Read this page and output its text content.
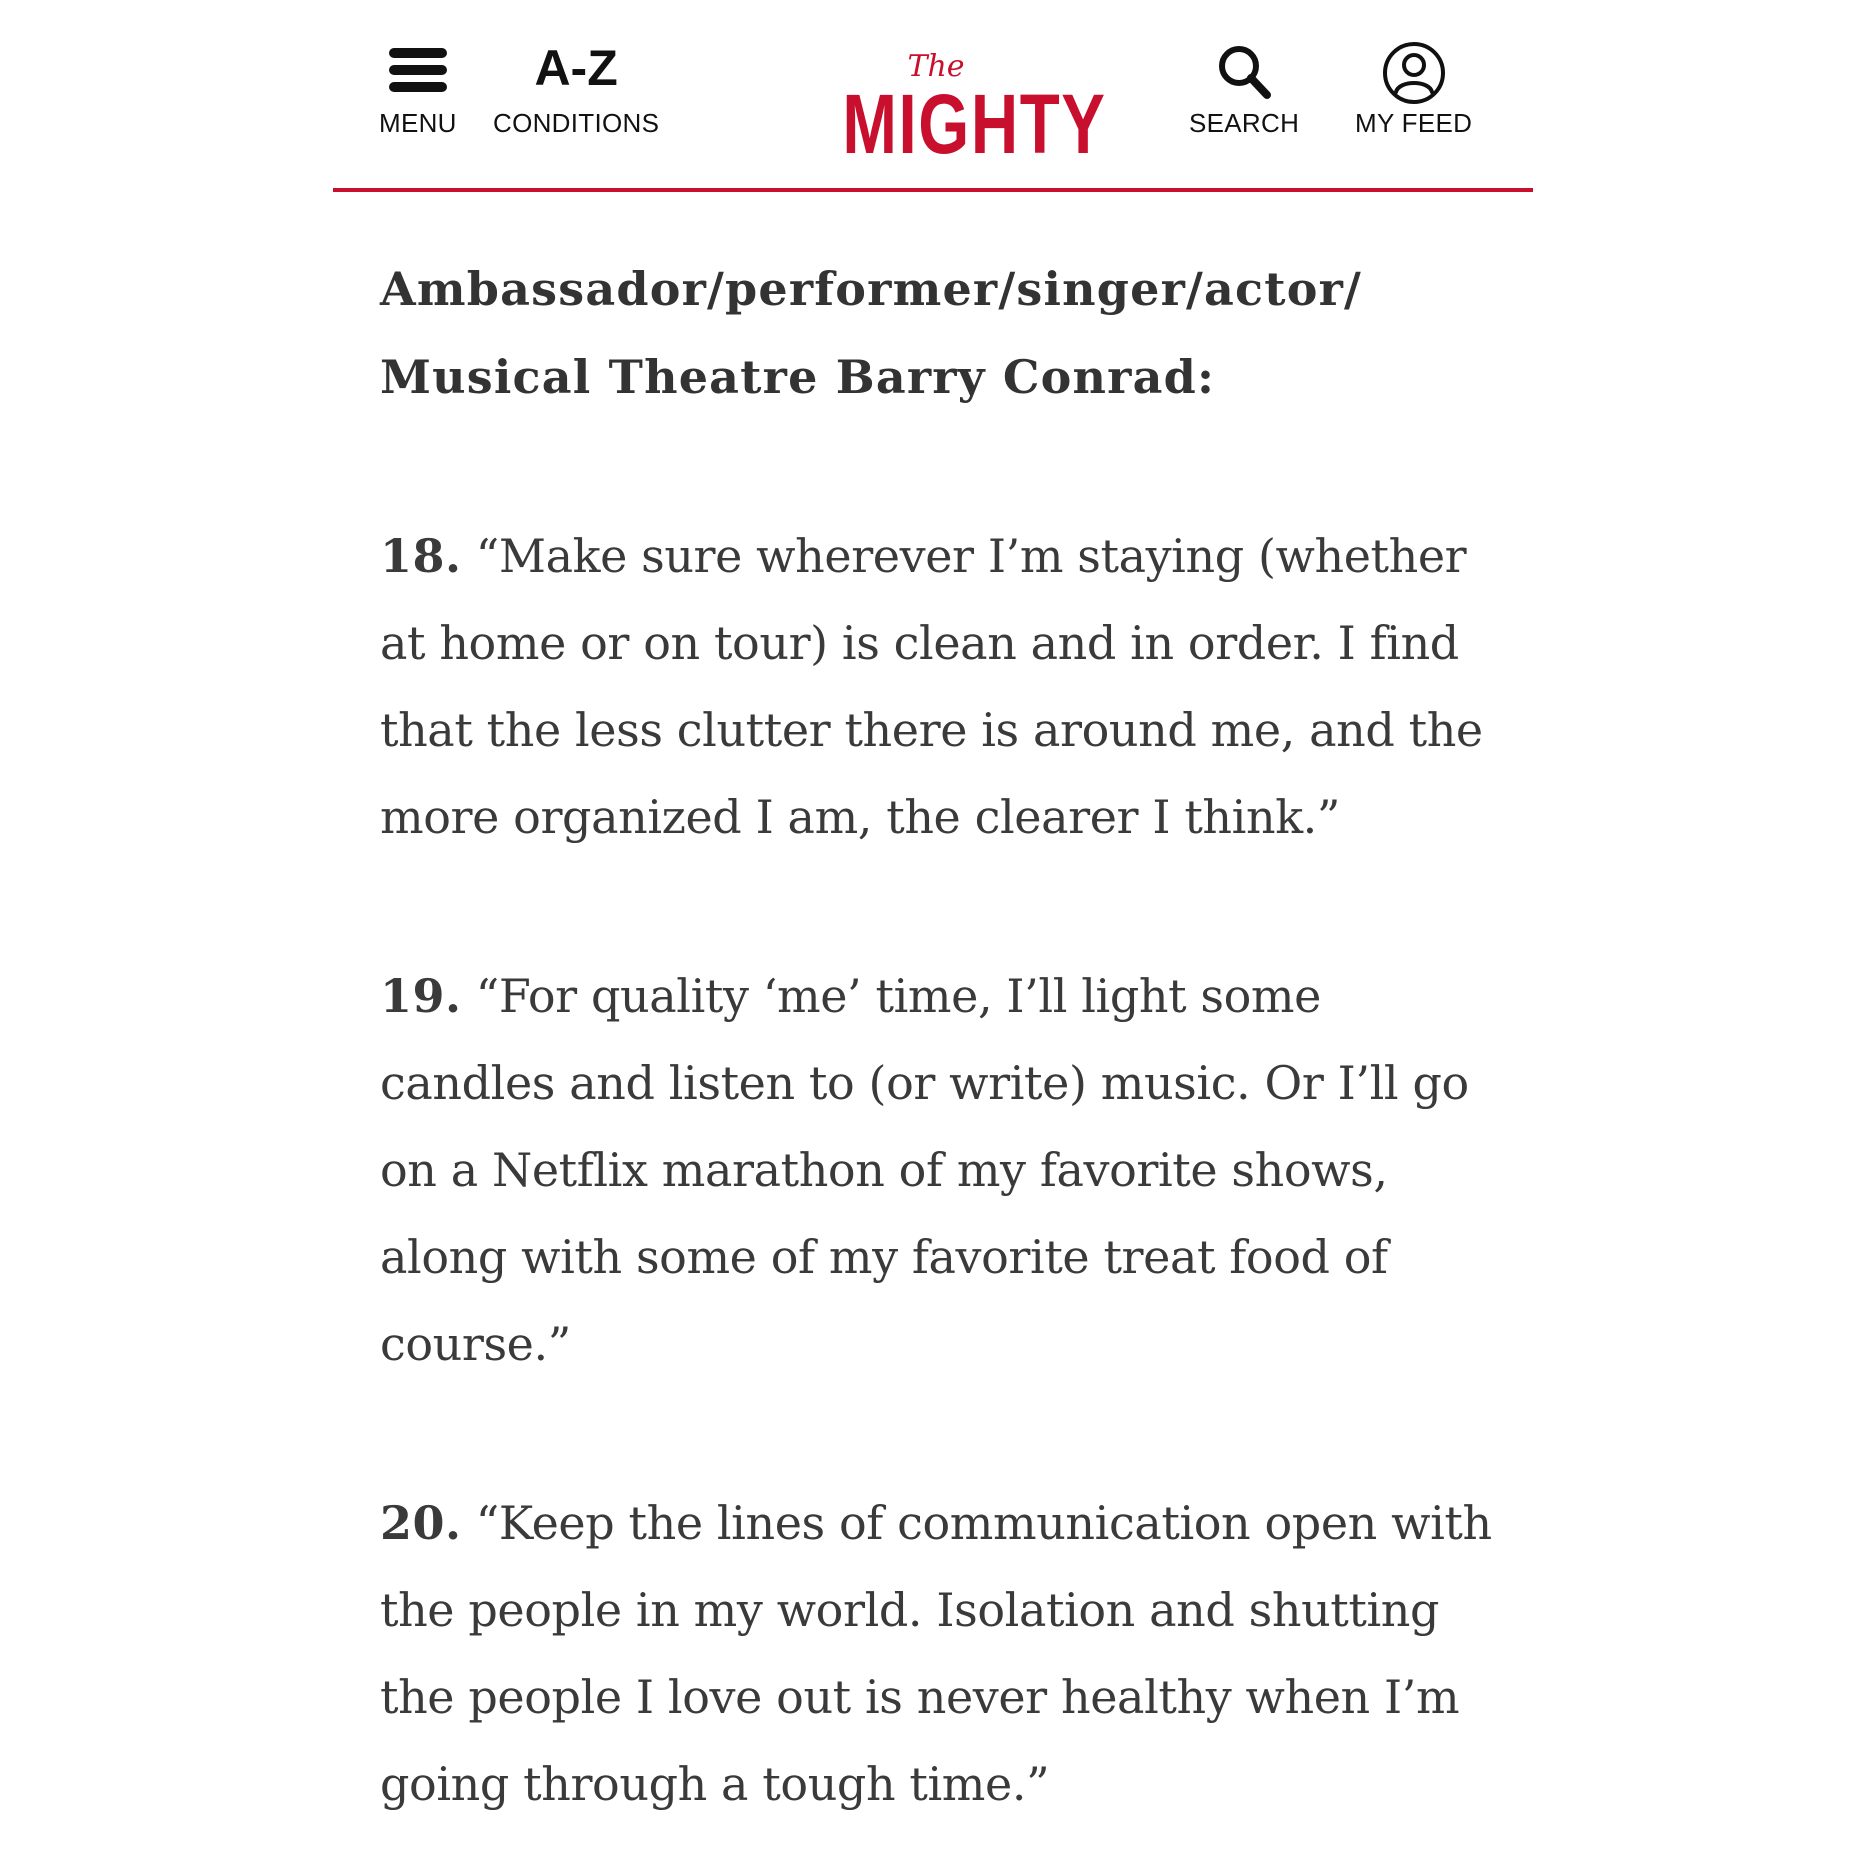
MENU
A-Z
CONDITIONS
The
MIGHTY	SEARCH MY FEED
Ambassador/performer/singer/actor/ Musical Theatre Barry Conrad:

18. “Make sure wherever I’m staying (whether at home or on tour) is clean and in order. I find that the less clutter there is around me, and the more organized I am, the clearer I think.”

19. “For quality ‘me’ time, I’ll light some candles and listen to (or write) music. Or I’ll go on a Netflix marathon of my favorite shows, along with some of my favorite treat food of course.”

20. “Keep the lines of communication open with the people in my world. Isolation and shutting the people I love out is never healthy when I’m going through a tough time.”
